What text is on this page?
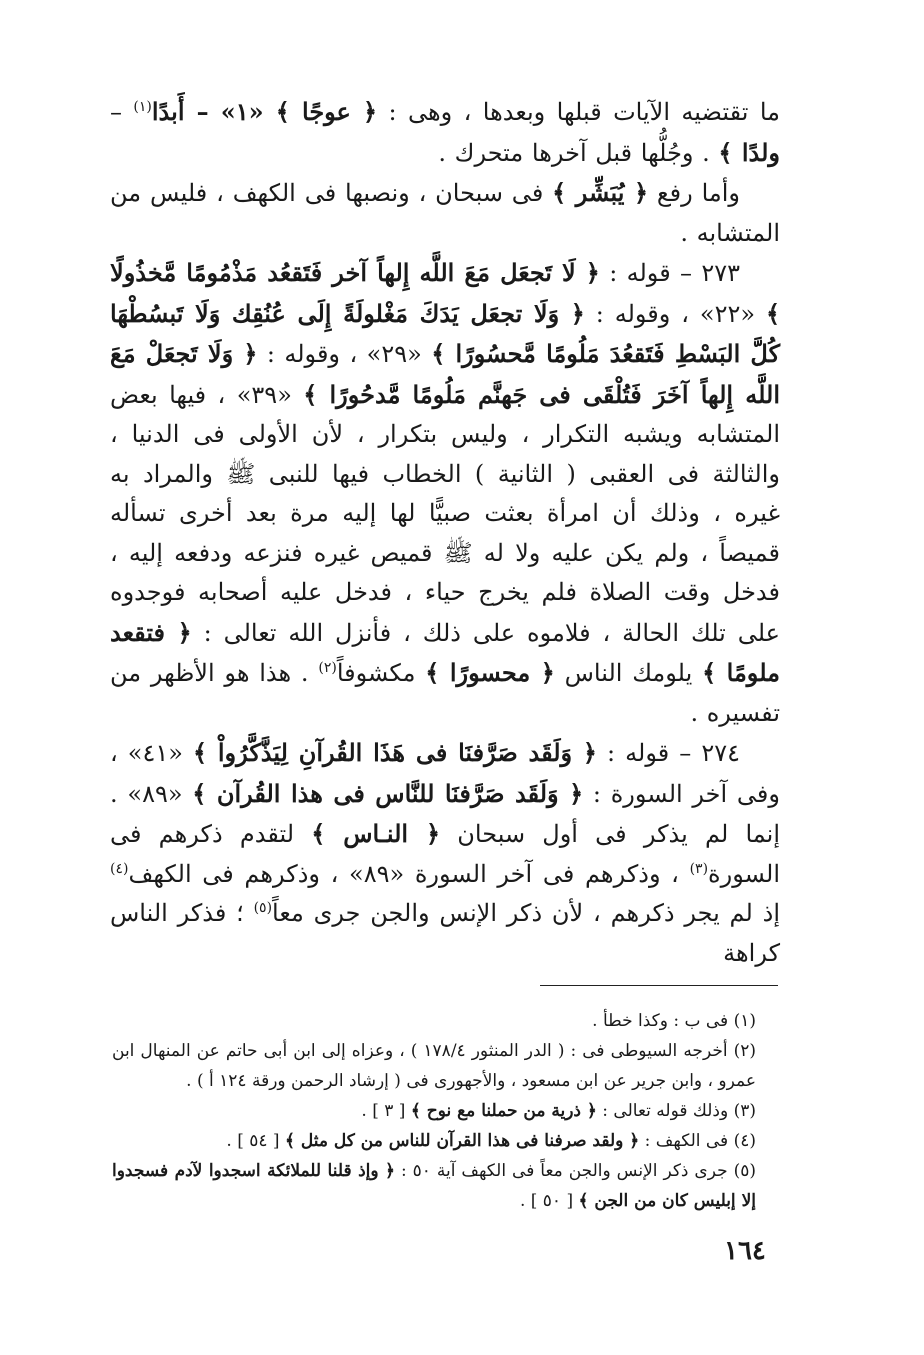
ما تقتضيه الآيات قبلها وبعدها ، وهى : ﴿ عوجًا ﴾ «١» – أَبدًا$^{(١)}$ – ولدًا ﴾ . وجُلُّها قبل آخرها متحرك .

وأما رفع ﴿ يُبَشِّر ﴾ فى سبحان ، ونصبها فى الكهف ، فليس من المتشابه .

٢٧٣ – قوله : ﴿ لَا تَجعَل مَعَ اللَّه إِلهاً آخر فَتَقعُد مَذْمُومًا مَّخذُولًا ﴾ «٢٢» ، وقوله : ﴿ وَلَا تجعَل يَدَكَ مَغْلولَةً إِلَى عُنُقِك وَلَا تَبسُطْهَا كُلَّ البَسْطِ فَتَقعُدَ مَلُومًا مَّحسُورًا ﴾ «٢٩» ، وقوله : ﴿ وَلَا تَجعَلْ مَعَ اللَّه إِلهاً آخَرَ فَتُلْقَى فى جَهنَّم مَلُومًا مَّدحُورًا ﴾ «٣٩» ، فيها بعض المتشابه ويشبه التكرار ، وليس بتكرار ، لأن الأولى فى الدنيا ، والثالثة فى العقبى ( الثانية ) الخطاب فيها للنبى ﷺ والمراد به غيره ، وذلك أن امرأة بعثت صبيًّا لها إليه مرة بعد أخرى تسأله قميصاً ، ولم يكن عليه ولا له ﷺ قميص غيره فنزعه ودفعه إليه ، فدخل وقت الصلاة فلم يخرج حياء ، فدخل عليه أصحابه فوجدوه على تلك الحالة ، فلاموه على ذلك ، فأنزل الله تعالى : ﴿ فتقعد ملومًا ﴾ يلومك الناس ﴿ محسورًا ﴾ مكشوفاً$^{(٢)}$ . هذا هو الأظهر من تفسيره .

٢٧٤ – قوله : ﴿ وَلَقَد صَرَّفنَا فى هَذَا القُرآنِ لِيَذَّكَّرُواْ ﴾ «٤١» ، وفى آخر السورة : ﴿ وَلَقَد صَرَّفنَا للنَّاس فى هذا القُرآن ﴾ «٨٩» . إنما لم يذكر فى أول سبحان ﴿ النـاس ﴾ لتقدم ذكرهم فى السورة$^{(٣)}$ ، وذكرهم فى آخر السورة «٨٩» ، وذكرهم فى الكهف$^{(٤)}$ إذ لم يجر ذكرهم ، لأن ذكر الإنس والجن جرى معاً$^{(٥)}$ ؛ فذكر الناس كراهة

(١) فى ب : وكذا خطأ .

(٢) أخرجه السيوطى فى : ( الدر المنثور ١٧٨/٤ ) ، وعزاه إلى ابن أبى حاتم عن المنهال ابن عمرو ، وابن جرير عن ابن مسعود ، والأجهورى فى ( إرشاد الرحمن ورقة ١٢٤ أ ) .

(٣) وذلك قوله تعالى : ﴿ ذرية من حملنا مع نوح ﴾ [ ٣ ] .

(٤) فى الكهف : ﴿ ولقد صرفنا فى هذا القرآن للناس من كل مثل ﴾ [ ٥٤ ] .

(٥) جرى ذكر الإنس والجن معاً فى الكهف آية ٥٠ : ﴿ وإذ قلنا للملائكة اسجدوا لآدم فسجدوا إلا إبليس كان من الجن ﴾ [ ٥٠ ] .

١٦٤
